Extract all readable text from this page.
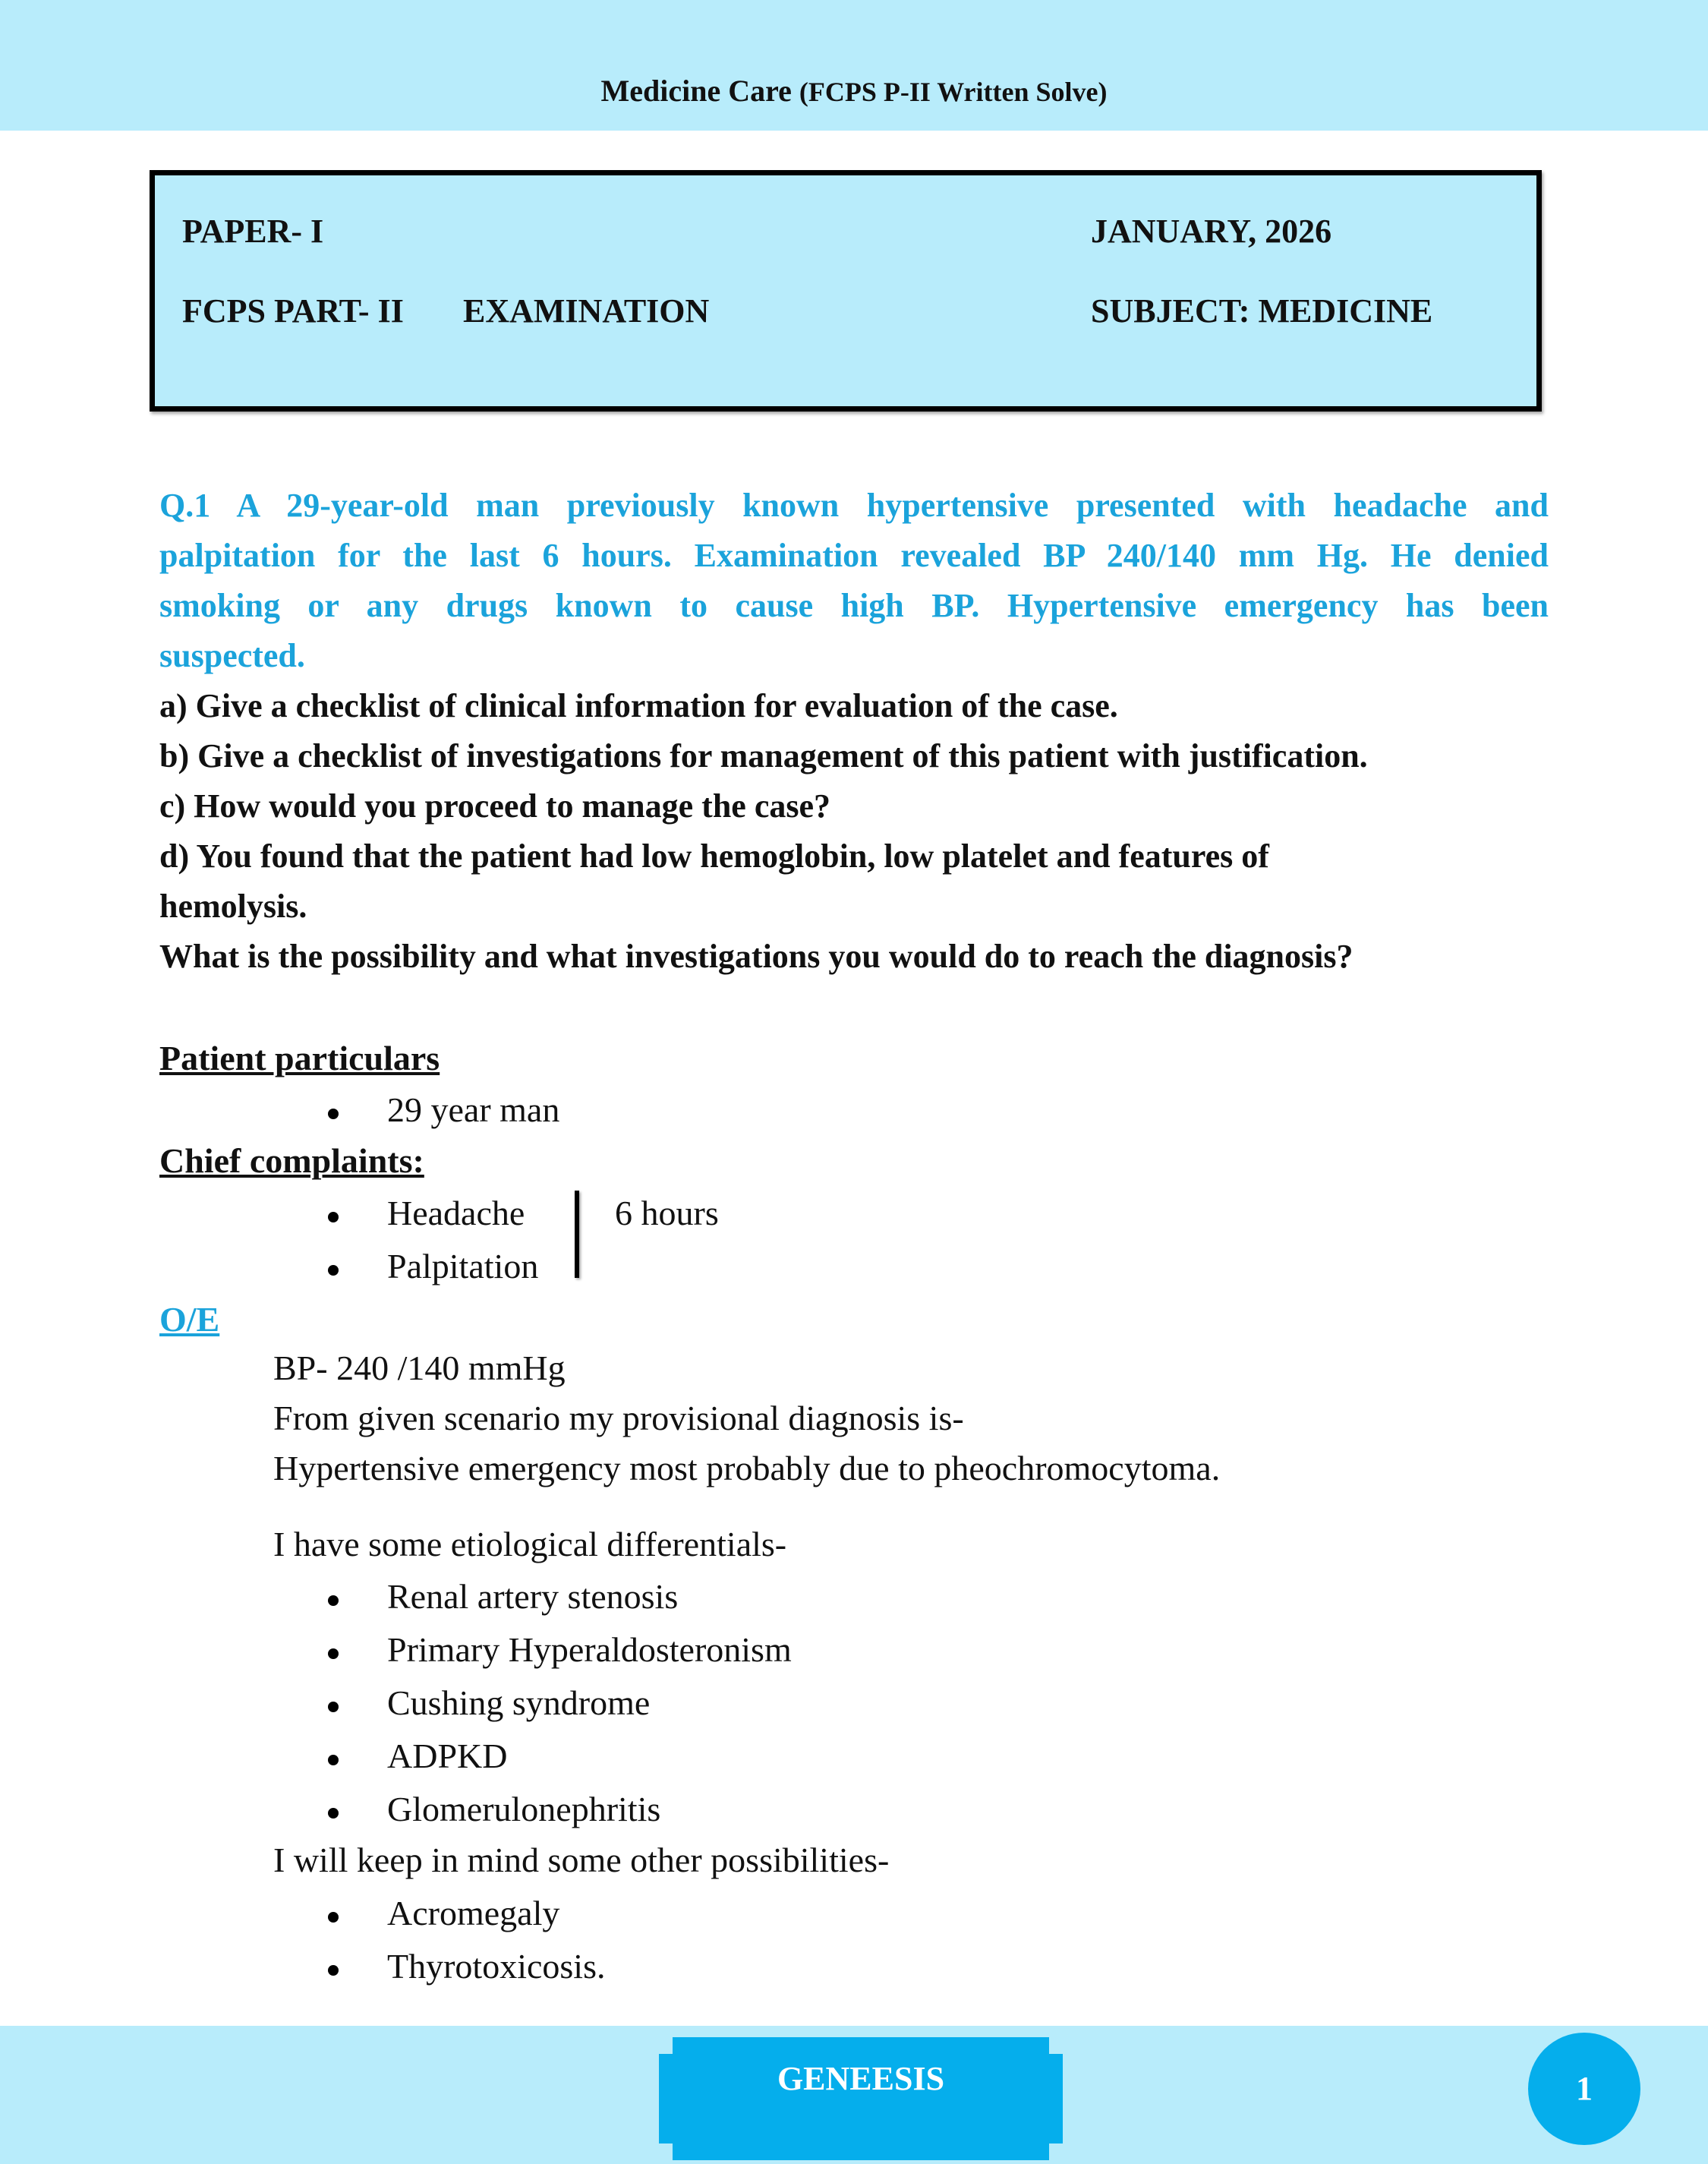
Medicine Care (FCPS P-II Written Solve)
PAPER- I	JANUARY, 2026
FCPS PART- II EXAMINATION	SUBJECT: MEDICINE
Q.1 A 29-year-old man previously known hypertensive presented with headache and
palpitation for the last 6 hours. Examination revealed BP 240/140 mm Hg. He denied
smoking or any drugs known to cause high BP. Hypertensive emergency has been
suspected.
a) Give a checklist of clinical information for evaluation of the case.
b) Give a checklist of investigations for management of this patient with justification.
c) How would you proceed to manage the case?
d) You found that the patient had low hemoglobin, low platelet and features of
hemolysis.
What is the possibility and what investigations you would do to reach the diagnosis?
Patient particulars
29 year man
Chief complaints:
Headache
Palpitation
6 hours
O/E
BP- 240 /140 mmHg
From given scenario my provisional diagnosis is-
Hypertensive emergency most probably due to pheochromocytoma.
I have some etiological differentials-
Renal artery stenosis
Primary Hyperaldosteronism
Cushing syndrome
ADPKD
Glomerulonephritis
I will keep in mind some other possibilities-
Acromegaly
Thyrotoxicosis.
GENEESIS	1
